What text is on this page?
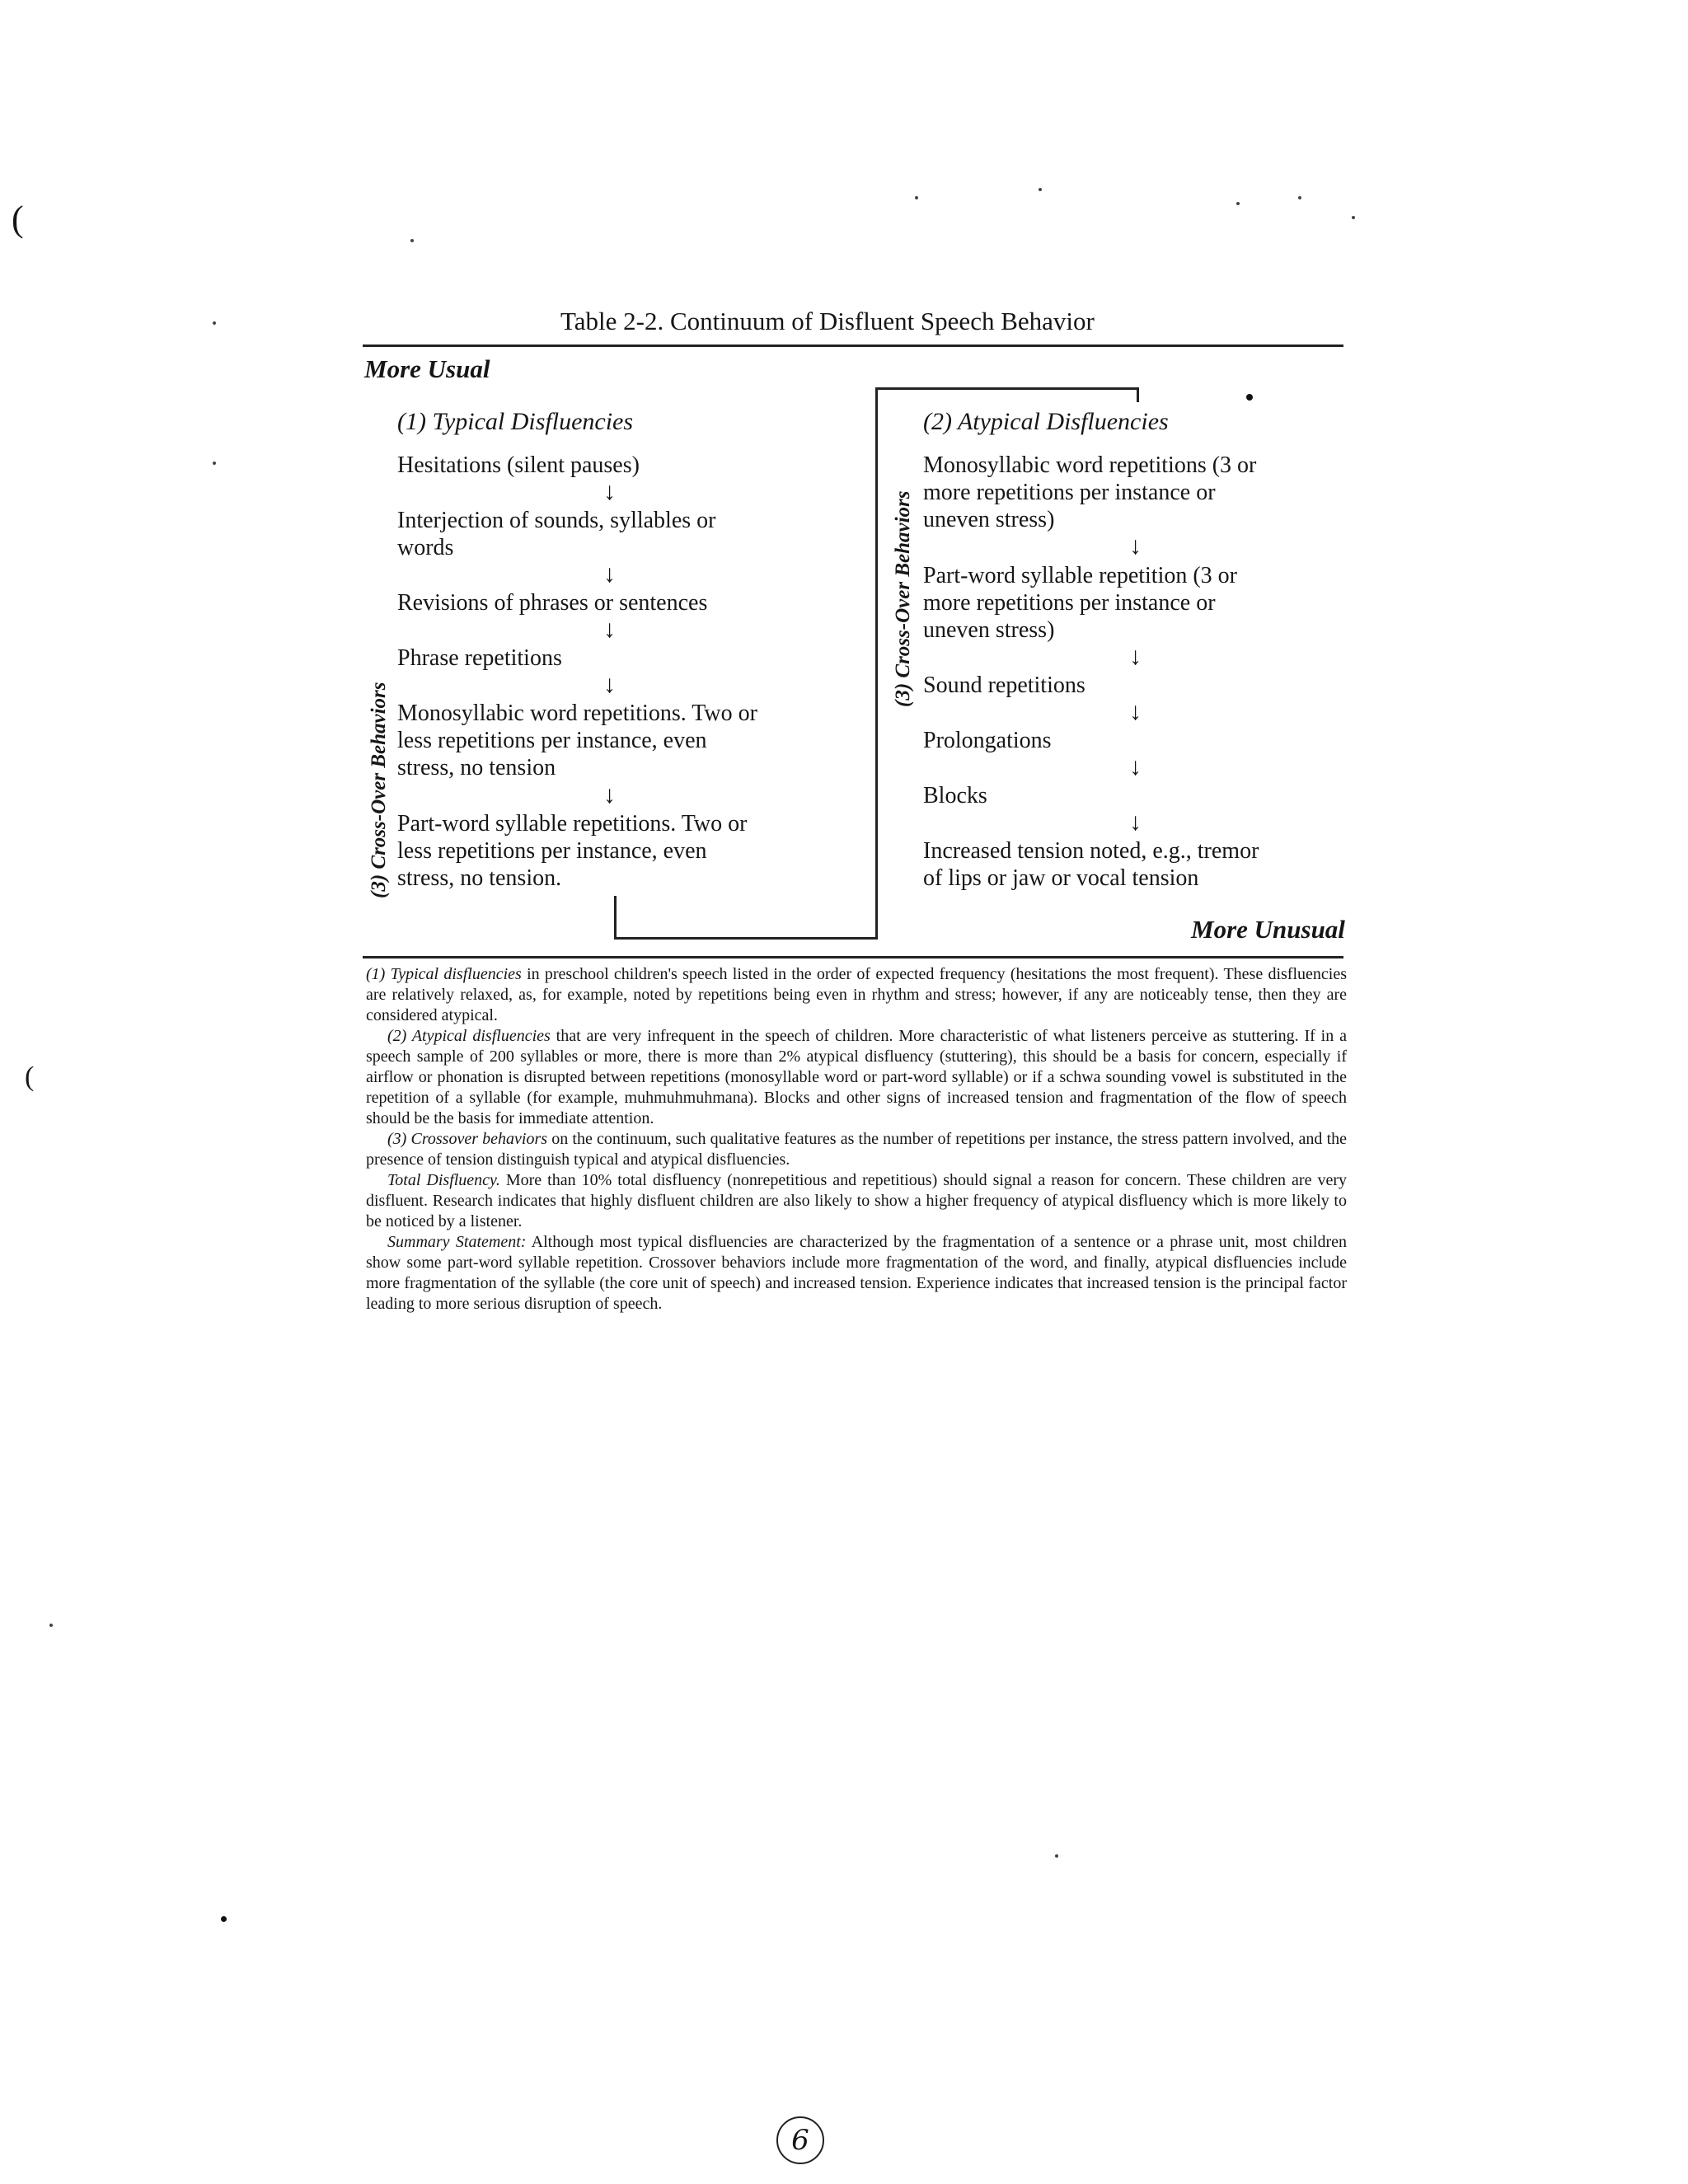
(
(
Table 2-2. Continuum of Disfluent Speech Behavior
More Usual
(1) Typical Disfluencies
(3) Cross-Over Behaviors
Hesitations (silent pauses)
↓
Interjection of sounds, syllables or
words
↓
Revisions of phrases or sentences
↓
Phrase repetitions
↓
Monosyllabic word repetitions. Two or
less repetitions per instance, even
stress, no tension
↓
Part-word syllable repetitions. Two or
less repetitions per instance, even
stress, no tension.
(2) Atypical Disfluencies
(3) Cross-Over Behaviors
Monosyllabic word repetitions (3 or
more repetitions per instance or
uneven stress)
↓
Part-word syllable repetition (3 or
more repetitions per instance or
uneven stress)
↓
Sound repetitions
↓
Prolongations
↓
Blocks
↓
Increased tension noted, e.g., tremor
of lips or jaw or vocal tension
More Unusual

(1) Typical disfluencies in preschool children's speech listed in the order of expected frequency (hesitations the most frequent). These disfluencies are relatively relaxed, as, for example, noted by repetitions being even in rhythm and stress; however, if any are noticeably tense, then they are considered atypical.

(2) Atypical disfluencies that are very infrequent in the speech of children. More characteristic of what listeners perceive as stuttering. If in a speech sample of 200 syllables or more, there is more than 2% atypical disfluency (stuttering), this should be a basis for concern, especially if airflow or phonation is disrupted between repetitions (monosyllable word or part-word syllable) or if a schwa sounding vowel is substituted in the repetition of a syllable (for example, muhmuhmuhmana). Blocks and other signs of increased tension and fragmentation of the flow of speech should be the basis for immediate attention.

(3) Crossover behaviors on the continuum, such qualitative features as the number of repetitions per instance, the stress pattern involved, and the presence of tension distinguish typical and atypical disfluencies.

Total Disfluency. More than 10% total disfluency (nonrepetitious and repetitious) should signal a reason for concern. These children are very disfluent. Research indicates that highly disfluent children are also likely to show a higher frequency of atypical disfluency which is more likely to be noticed by a listener.

Summary Statement: Although most typical disfluencies are characterized by the fragmentation of a sentence or a phrase unit, most children show some part-word syllable repetition. Crossover behaviors include more fragmentation of the word, and finally, atypical disfluencies include more fragmentation of the syllable (the core unit of speech) and increased tension. Experience indicates that increased tension is the principal factor leading to more serious disruption of speech.

6
